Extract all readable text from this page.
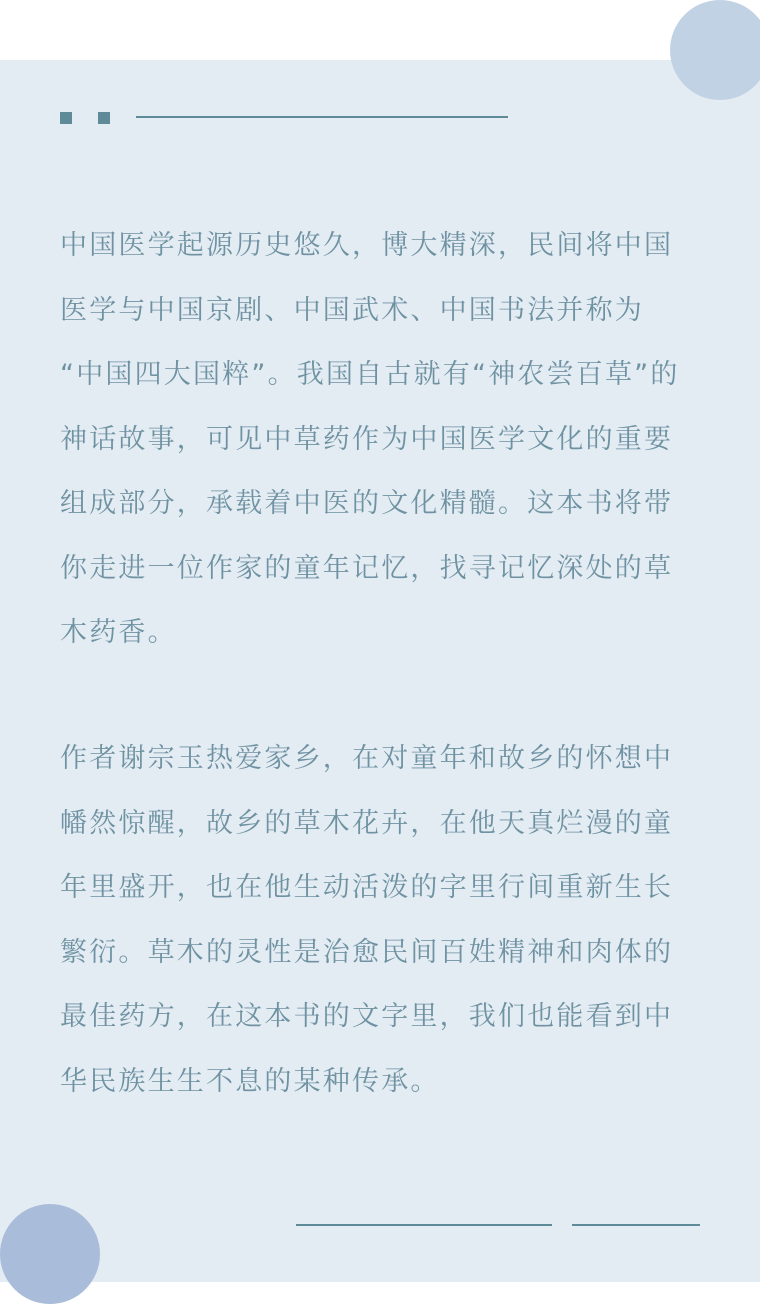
中国医学起源历史悠久，博大精深，民间将中国
医学与中国京剧、中国武术、中国书法并称为
“中国四大国粹”。我国自古就有“神农尝百草”的
神话故事，可见中草药作为中国医学文化的重要
组成部分，承载着中医的文化精髓。这本书将带
你走进一位作家的童年记忆，找寻记忆深处的草
木药香。

作者谢宗玉热爱家乡，在对童年和故乡的怀想中
幡然惊醒，故乡的草木花卉，在他天真烂漫的童
年里盛开，也在他生动活泼的字里行间重新生长
繁衍。草木的灵性是治愈民间百姓精神和肉体的
最佳药方，在这本书的文字里，我们也能看到中
华民族生生不息的某种传承。
